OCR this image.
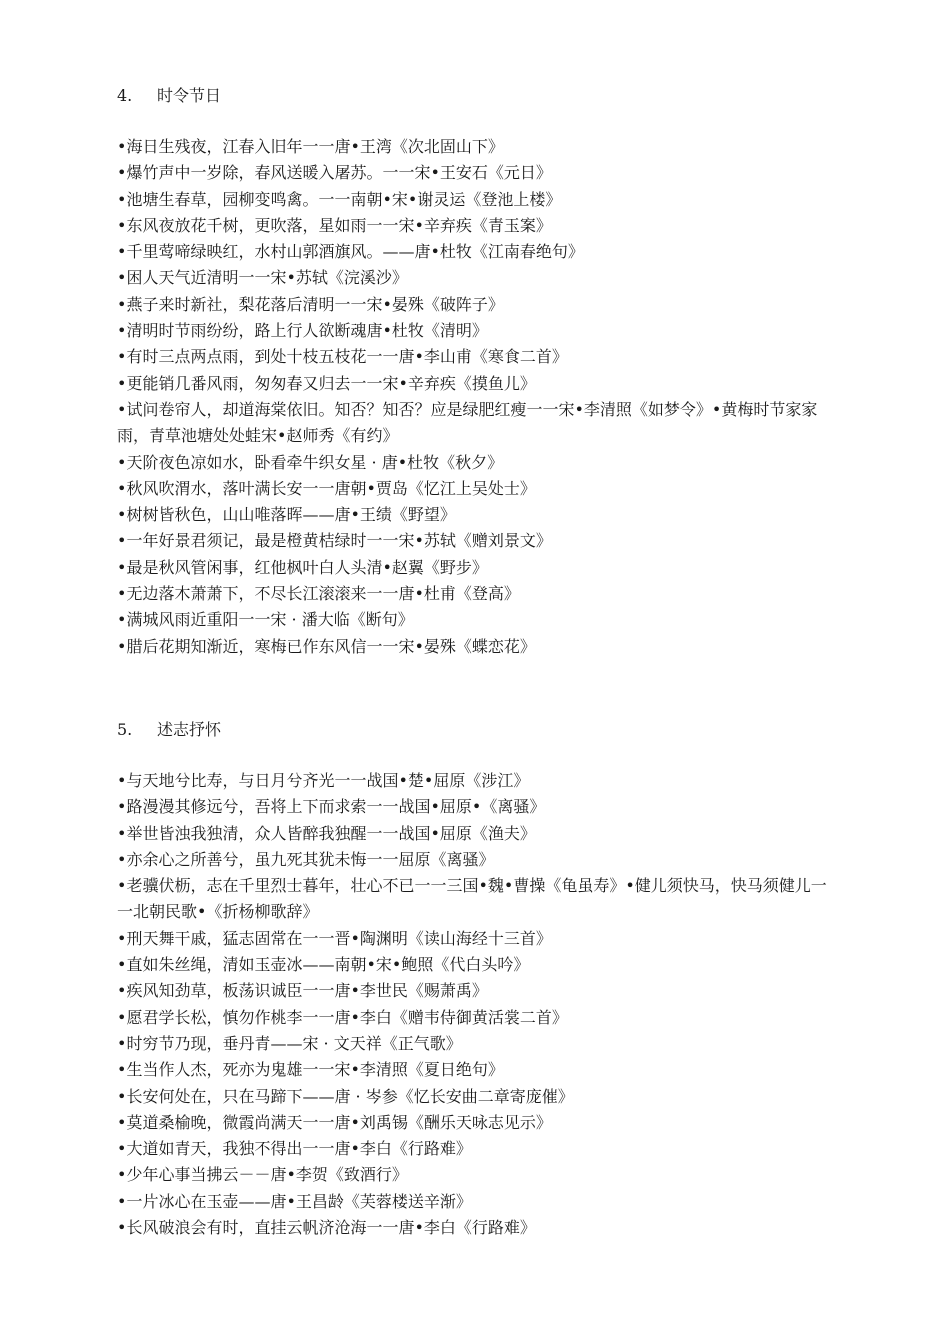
4. 时令节日

•海日生残夜，江春入旧年一一唐•王湾《次北固山下》

•爆竹声中一岁除，春风送暖入屠苏。一一宋•王安石《元日》

•池塘生春草，园柳变鸣禽。一一南朝•宋•谢灵运《登池上楼》

•东风夜放花千树，更吹落，星如雨一一宋•辛弃疾《青玉案》

•千里莺啼绿映红，水村山郭酒旗风。——唐•杜牧《江南春绝句》

•困人天气近清明一一宋•苏轼《浣溪沙》

•燕子来时新社，梨花落后清明一一宋•晏殊《破阵子》

•清明时节雨纷纷，路上行人欲断魂唐•杜牧《清明》

•有时三点两点雨，到处十枝五枝花一一唐•李山甫《寒食二首》

•更能销几番风雨，匆匆春又归去一一宋•辛弃疾《摸鱼儿》

•试问卷帘人，却道海棠依旧。知否？知否？应是绿肥红瘦一一宋•李清照《如梦令》•黄梅时节家家雨，青草池塘处处蛙宋•赵师秀《有约》

•天阶夜色凉如水，卧看牵牛织女星 · 唐•杜牧《秋夕》

•秋风吹渭水，落叶满长安一一唐朝•贾岛《忆江上吴处士》

•树树皆秋色，山山唯落晖——唐•王绩《野望》

•一年好景君须记，最是橙黄桔绿时一一宋•苏轼《赠刘景文》

•最是秋风管闲事，红他枫叶白人头清•赵翼《野步》

•无边落木萧萧下，不尽长江滚滚来一一唐•杜甫《登高》

•满城风雨近重阳一一宋 · 潘大临《断句》

•腊后花期知渐近，寒梅已作东风信一一宋•晏殊《蝶恋花》

5. 述志抒怀

•与天地兮比寿，与日月兮齐光一一战国•楚•屈原《涉江》

•路漫漫其修远兮，吾将上下而求索一一战国•屈原•《离骚》

•举世皆浊我独清，众人皆醉我独醒一一战国•屈原《渔夫》

•亦余心之所善兮，虽九死其犹未悔一一屈原《离骚》

•老骥伏枥，志在千里烈士暮年，壮心不已一一三国•魏•曹操《龟虽寿》•健儿须快马，快马须健儿一一北朝民歌•《折杨柳歌辞》

•刑天舞干戚，猛志固常在一一晋•陶渊明《读山海经十三首》

•直如朱丝绳，清如玉壶冰——南朝•宋•鲍照《代白头吟》

•疾风知劲草，板荡识诚臣一一唐•李世民《赐萧禹》

•愿君学长松，慎勿作桃李一一唐•李白《赠韦侍御黄活裳二首》

•时穷节乃现，垂丹青——宋 · 文天祥《正气歌》

•生当作人杰，死亦为鬼雄一一宋•李清照《夏日绝句》

•长安何处在，只在马蹄下——唐 · 岑参《忆长安曲二章寄庞催》

•莫道桑榆晚，微霞尚满天一一唐•刘禹锡《酬乐天咏志见示》

•大道如青天，我独不得出一一唐•李白《行路难》

•少年心事当拂云－－唐•李贺《致酒行》

•一片冰心在玉壶——唐•王昌龄《芙蓉楼送辛渐》

•长风破浪会有时，直挂云帆济沧海一一唐•李白《行路难》
